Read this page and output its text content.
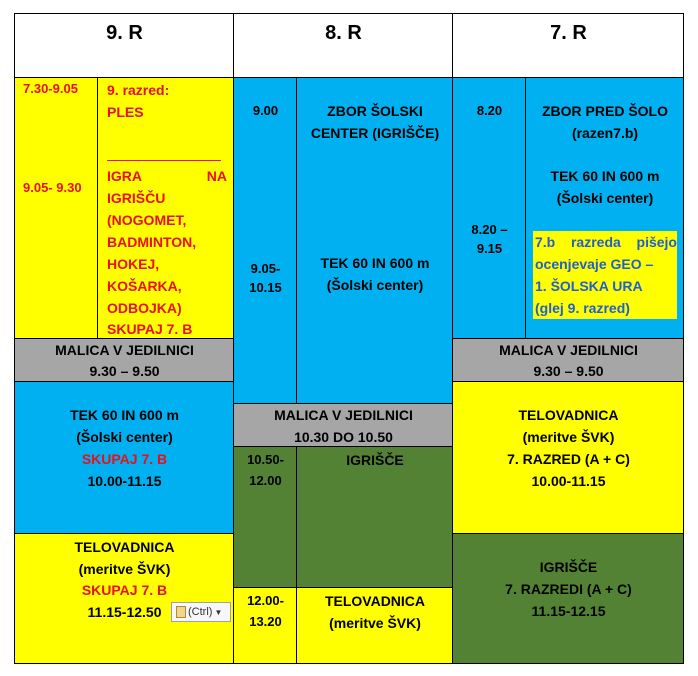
9. R	8. R	7. R
7.30-9.05
9.05- 9.30
9. razred:
PLES
IGRA NA
IGRIŠČU
(NOGOMET,
BADMINTON,
HOKEJ,
KOŠARKA,
ODBOJKA)
SKUPAJ 7. B
MALICA V JEDILNICI
9.30 – 9.50
TEK 60 IN 600 m
(Šolski center)
SKUPAJ 7. B
10.00-11.15
TELOVADNICA
(meritve ŠVK)
SKUPAJ 7. B
11.15-12.50
9.00
9.05-
10.15
ZBOR ŠOLSKI
CENTER (IGRIŠČE)
TEK 60 IN 600 m
(Šolski center)
MALICA V JEDILNICI
10.30 DO 10.50
10.50-
12.00
IGRIŠČE
12.00-
13.20
TELOVADNICA
(meritve ŠVK)
8.20
8.20 –
9.15
ZBOR PRED ŠOLO
(razen7.b)
TEK 60 IN 600 m
(Šolski center)
7.b razreda pišejo
ocenjevaje GEO –
1. ŠOLSKA URA
(glej 9. razred)
MALICA V JEDILNICI
9.30 – 9.50
TELOVADNICA
(meritve ŠVK)
7. RAZRED (A + C)
10.00-11.15
IGRIŠČE
7. RAZREDI (A + C)
11.15-12.15
(Ctrl) ▼
